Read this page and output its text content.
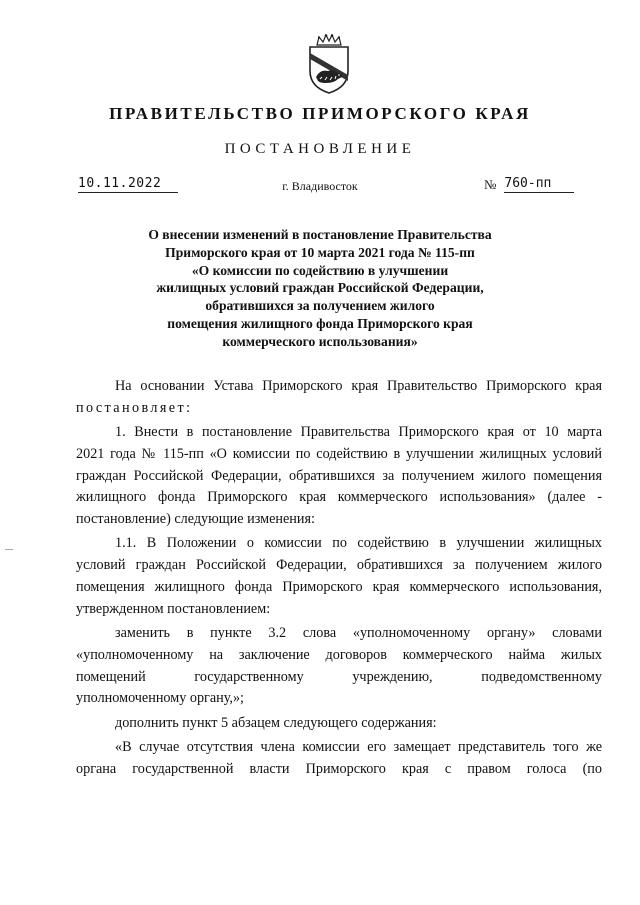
ПРАВИТЕЛЬСТВО ПРИМОРСКОГО КРАЯ
ПОСТАНОВЛЕНИЕ
10.11.2022	г. Владивосток	№ 760-пп
О внесении изменений в постановление Правительства
Приморского края от 10 марта 2021 года № 115-пп
«О комиссии по содействию в улучшении
жилищных условий граждан Российской Федерации,
обратившихся за получением жилого
помещения жилищного фонда Приморского края
коммерческого использования»
На основании Устава Приморского края Правительство Приморского края
постановляет:
1. Внести в постановление Правительства Приморского края от 10 марта
2021 года № 115-пп «О комиссии по содействию в улучшении жилищных условий
граждан Российской Федерации, обратившихся за получением жилого помещения
жилищного фонда Приморского края коммерческого использования» (далее -
постановление) следующие изменения:
1.1. В Положении о комиссии по содействию в улучшении жилищных
условий граждан Российской Федерации, обратившихся за получением жилого
помещения жилищного фонда Приморского края коммерческого использования,
утвержденном постановлением:
заменить в пункте 3.2 слова «уполномоченному органу» словами
«уполномоченному на заключение договоров коммерческого найма жилых
помещений государственному учреждению, подведомственному
уполномоченному органу,»;
дополнить пункт 5 абзацем следующего содержания:
«В случае отсутствия члена комиссии его замещает представитель того же
органа государственной власти Приморского края с правом голоса (по
